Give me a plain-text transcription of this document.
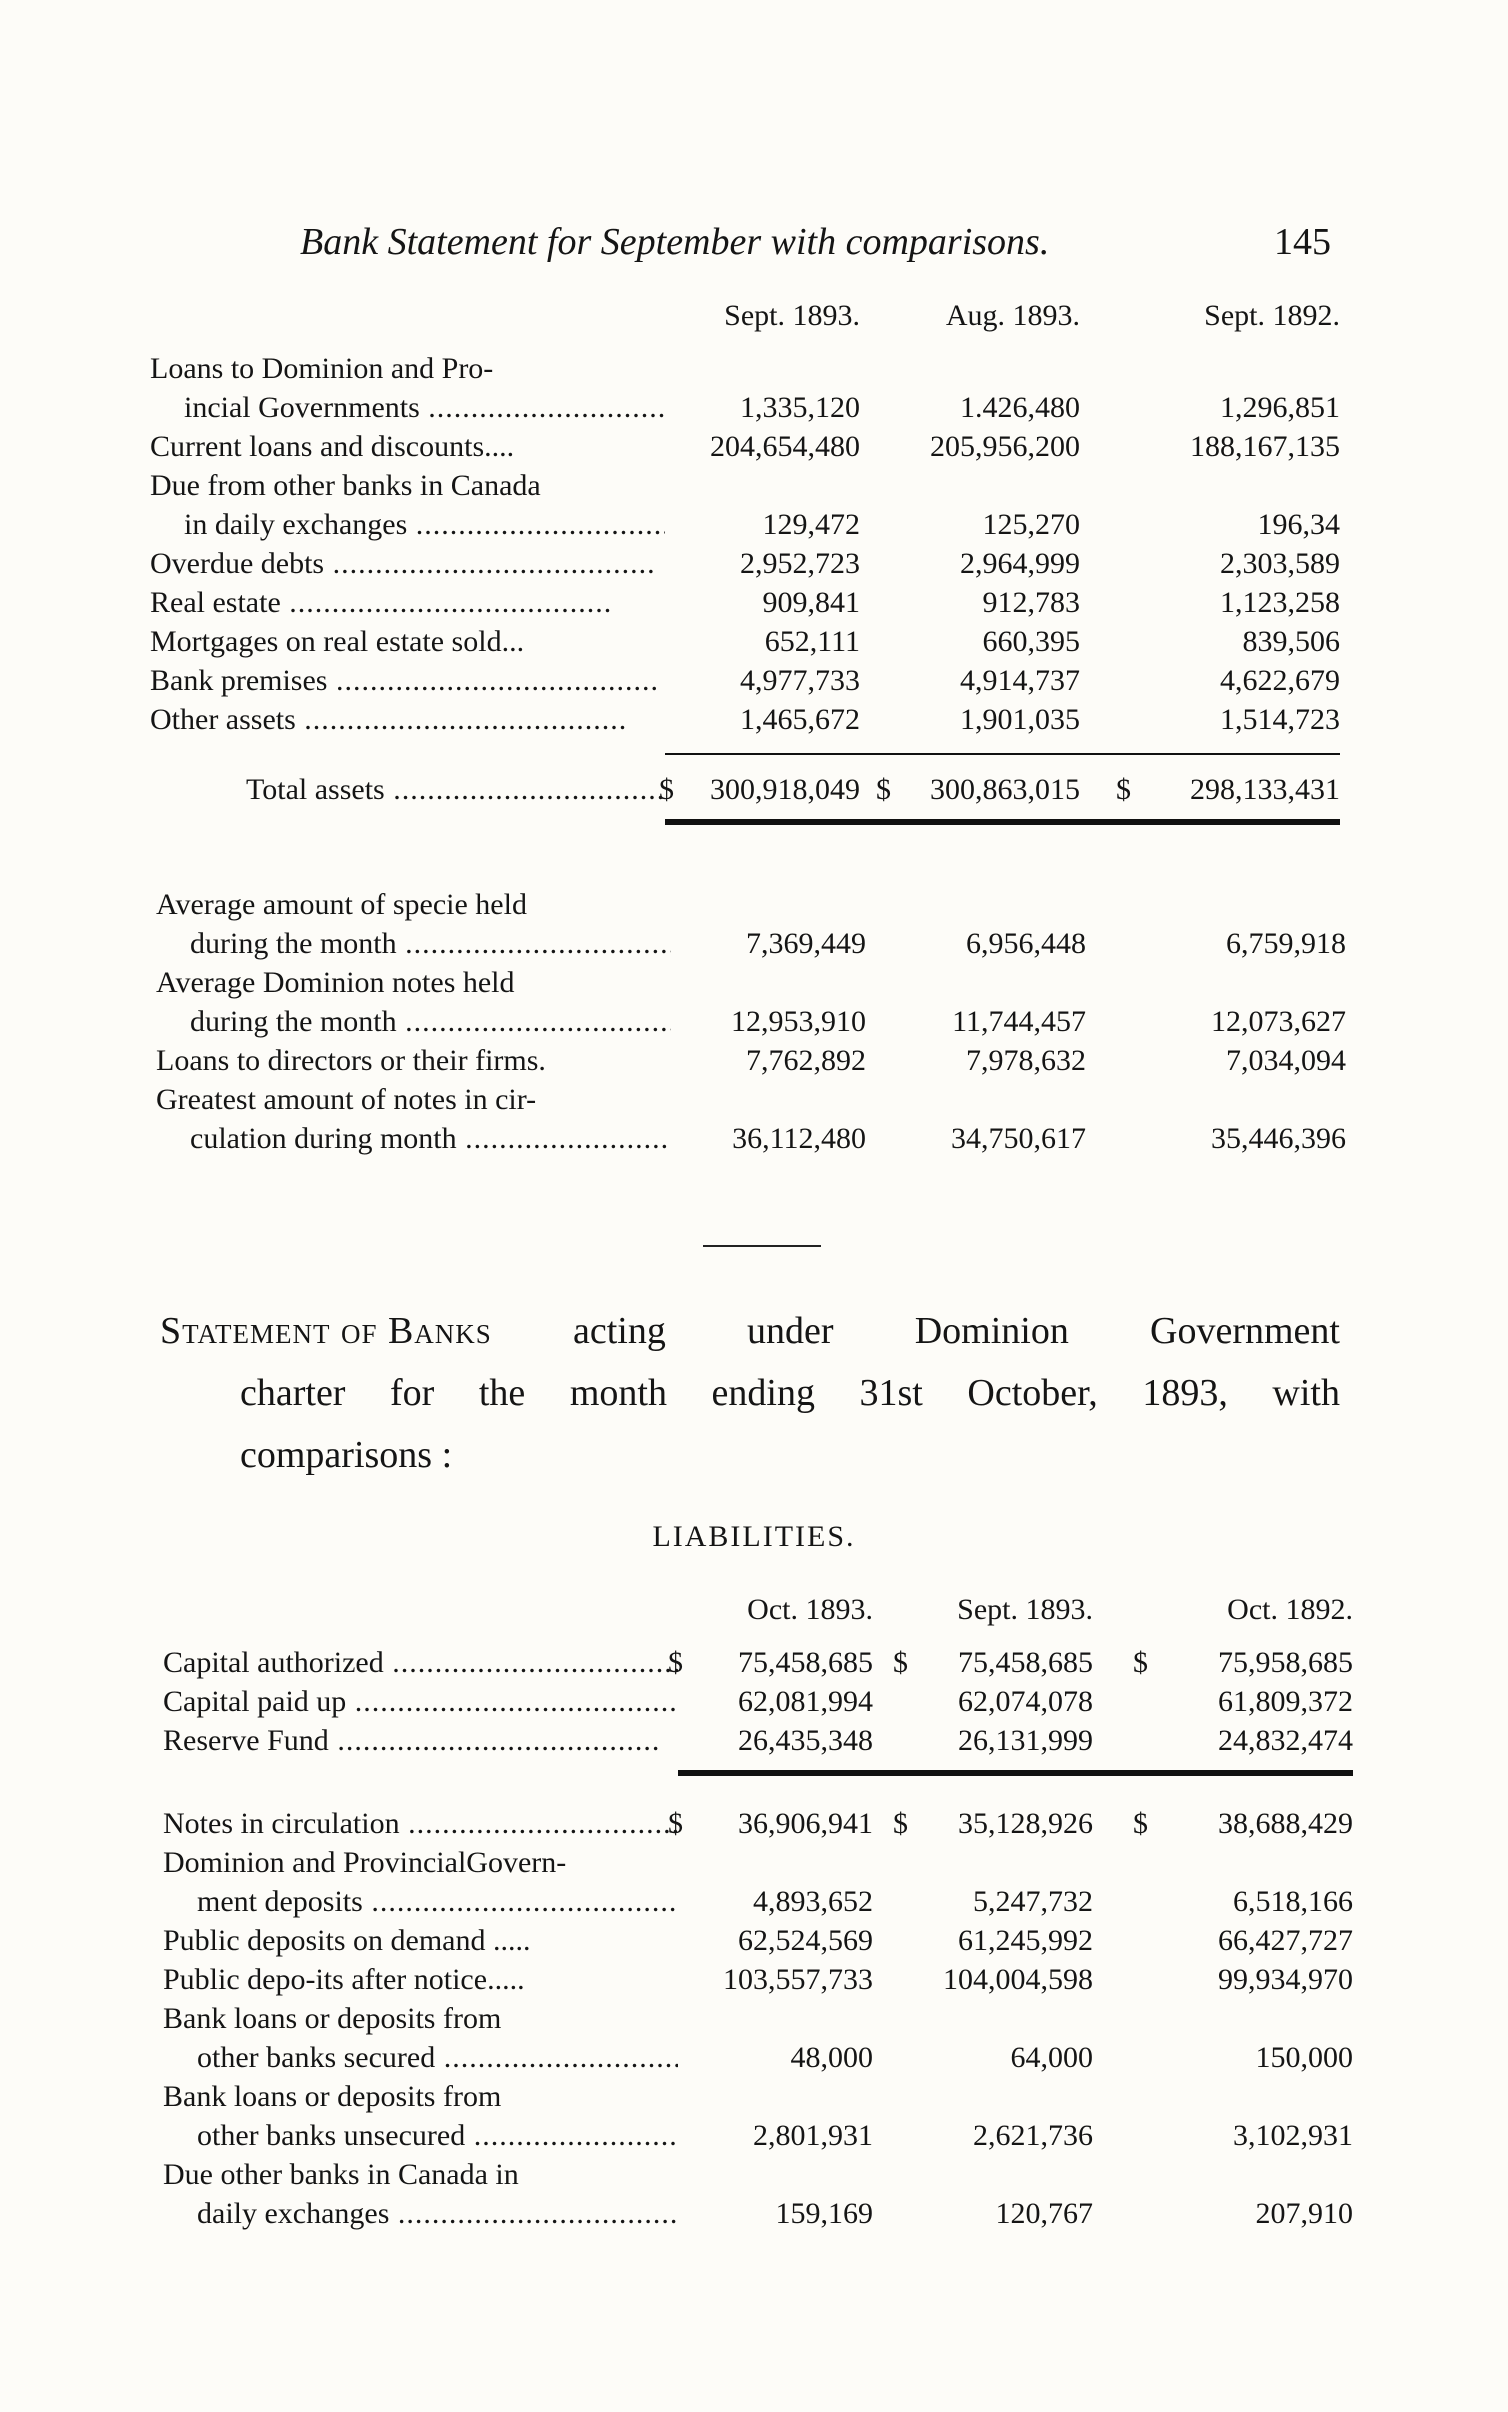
Bank Statement for September with comparisons.	145
	Sept. 1893.	Aug. 1893.	Sept. 1892.

Loans to Dominion and Pro-
incial Governments .....	1,335,120	1.426,480	1,296,851

Current loans and discounts....	204,654,480	205,956,200	188,167,135

Due from other banks in Canada
in daily exchanges .....	129,472	125,270	196,34

Overdue debts .....	2,952,723	2,964,999	2,303,589

Real estate .....	909,841	912,783	1,123,258

Mortgages on real estate sold...	652,111	660,395	839,506

Bank premises .....	4,977,733	4,914,737	4,622,679

Other assets .....	1,465,672	1,901,035	1,514,723

Total assets .....	$ 300,918,049	$ 300,863,015	$ 298,133,431

Average amount of specie held
during the month .....	7,369,449	6,956,448	6,759,918

Average Dominion notes held
during the month .....	12,953,910	11,744,457	12,073,627

Loans to directors or their firms.	7,762,892	7,978,632	7,034,094

Greatest amount of notes in cir-
culation during month .....	36,112,480	34,750,617	35,446,396
Statement of Banks acting under Dominion Government
charter for the month ending 31st October, 1893, with
comparisons :
LIABILITIES.
	Oct. 1893.	Sept. 1893.	Oct. 1892.

Capital authorized .....	$ 75,458,685	$ 75,458,685	$ 75,958,685

Capital paid up .....	62,081,994	62,074,078	61,809,372

Reserve Fund .....	26,435,348	26,131,999	24,832,474

Notes in circulation .....	$ 36,906,941	$ 35,128,926	$ 38,688,429

Dominion and ProvincialGovern-
ment deposits .....	4,893,652	5,247,732	6,518,166

Public deposits on demand .....	62,524,569	61,245,992	66,427,727

Public depo-its after notice.....	103,557,733	104,004,598	99,934,970

Bank loans or deposits from
other banks secured .....	48,000	64,000	150,000

Bank loans or deposits from
other banks unsecured .....	2,801,931	2,621,736	3,102,931

Due other banks in Canada in
daily exchanges .....	159,169	120,767	207,910
